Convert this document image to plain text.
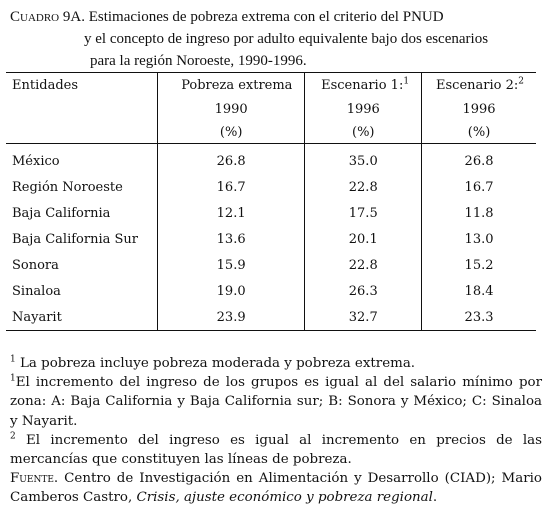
Cuadro 9A. Estimaciones de pobreza extrema con el criterio del PNUD
y el concepto de ingreso por adulto equivalente bajo dos escenarios
para la región Noroeste, 1990-1996.
Entidades	Pobreza extrema	Escenario 1:$^1$	Escenario 2:$^2$
	1990	1996	1996
	(%)	(%)	(%)
México	26.8	35.0	26.8
Región Noroeste	16.7	22.8	16.7
Baja California	12.1	17.5	11.8
Baja California Sur	13.6	20.1	13.0
Sonora	15.9	22.8	15.2
Sinaloa	19.0	26.3	18.4
Nayarit	23.9	32.7	23.3

$^1$ La pobreza incluye pobreza moderada y pobreza extrema.

$^1$El incremento del ingreso de los grupos es igual al del salario mínimo por zona: A: Baja California y Baja California sur; B: Sonora y México; C: Sinaloa y Nayarit.

$^2$ El incremento del ingreso es igual al incremento en precios de las mercancías que constituyen las líneas de pobreza.

Fuente. Centro de Investigación en Alimentación y Desarrollo (CIAD); Mario Camberos Castro, Crisis, ajuste económico y pobreza regional.
